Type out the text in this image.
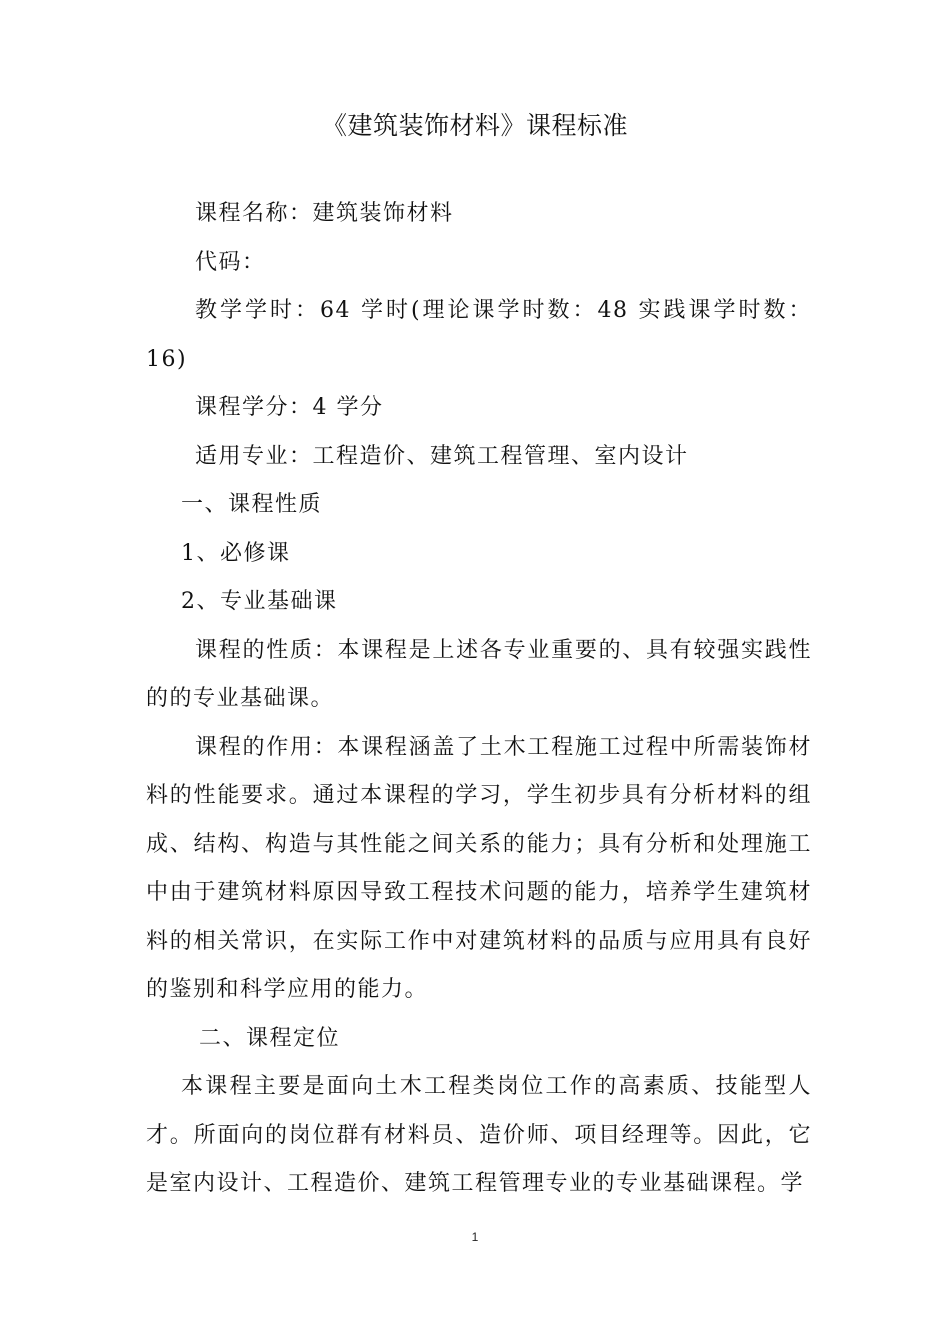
《建筑装饰材料》课程标准

课程名称：建筑装饰材料

代码：

教学学时：64 学时(理论课学时数：48 实践课学时数：16)

课程学分：4 学分

适用专业：工程造价、建筑工程管理、室内设计

一、课程性质

1、必修课

2、专业基础课

课程的性质：本课程是上述各专业重要的、具有较强实践性的的专业基础课。

课程的作用：本课程涵盖了土木工程施工过程中所需装饰材料的性能要求。通过本课程的学习，学生初步具有分析材料的组成、结构、构造与其性能之间关系的能力；具有分析和处理施工中由于建筑材料原因导致工程技术问题的能力，培养学生建筑材料的相关常识，在实际工作中对建筑材料的品质与应用具有良好的鉴别和科学应用的能力。

二、课程定位

本课程主要是面向土木工程类岗位工作的高素质、技能型人才。所面向的岗位群有材料员、造价师、项目经理等。因此，它是室内设计、工程造价、建筑工程管理专业的专业基础课程。学

1
